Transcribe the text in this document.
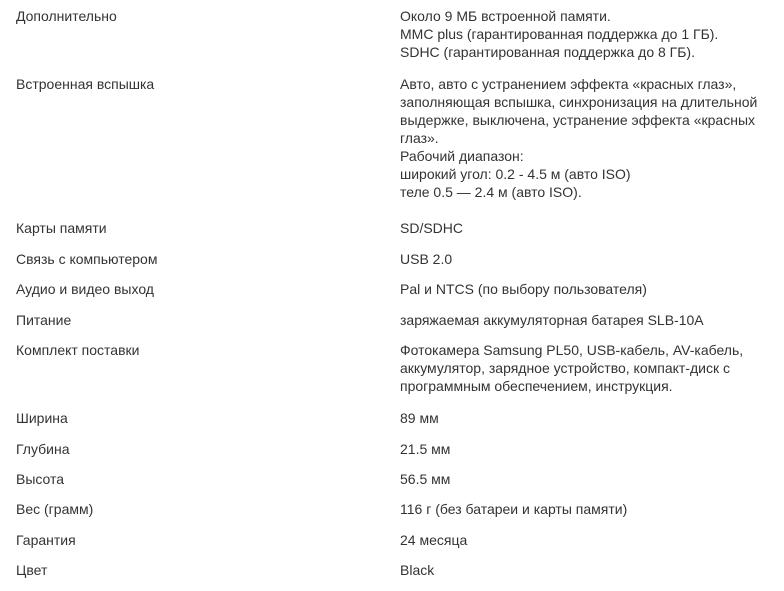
Дополнительно	Около 9 МБ встроенной памяти.
MMC plus (гарантированная поддержка до 1 ГБ).
SDHC (гарантированная поддержка до 8 ГБ).
Встроенная вспышка	Авто, авто с устранением эффекта «красных глаз»,
заполняющая вспышка, синхронизация на длительной
выдержке, выключена, устранение эффекта «красных
глаз».
Рабочий диапазон:
широкий угол: 0.2 - 4.5 м (авто ISO)
теле 0.5 — 2.4 м (авто ISO).
Карты памяти	SD/SDHC
Связь с компьютером	USB 2.0
Аудио и видео выход	Pal и NTCS (по выбору пользователя)
Питание	заряжаемая аккумуляторная батарея SLB-10A
Комплект поставки	Фотокамера Samsung PL50, USB-кабель, AV-кабель,
аккумулятор, зарядное устройство, компакт-диск с
программным обеспечением, инструкция.
Ширина	89 мм
Глубина	21.5 мм
Высота	56.5 мм
Вес (грамм)	116 г (без батареи и карты памяти)
Гарантия	24 месяца
Цвет	Black
